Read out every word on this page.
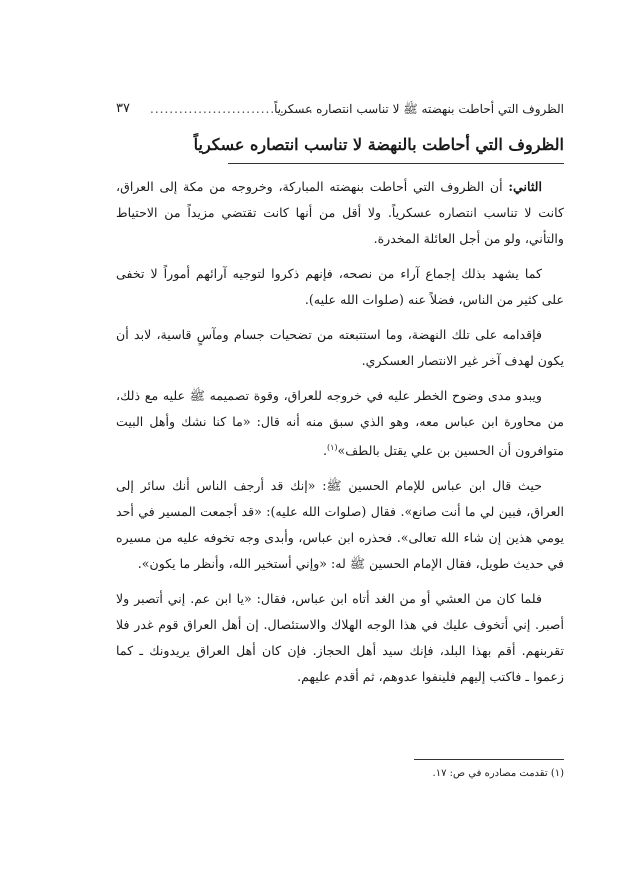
الظروف التي أحاطت بنهضته ﷺ لا تناسب انتصاره عسكرياً
..................................
٣٧
الظروف التي أحاطت بالنهضة لا تناسب انتصاره عسكرياً

الثاني: أن الظروف التي أحاطت بنهضته المباركة، وخروجه من مكة إلى العراق، كانت لا تناسب انتصاره عسكرياً. ولا أقل من أنها كانت تقتضي مزيداً من الاحتياط والتأني، ولو من أجل العائلة المخدرة.

كما يشهد بذلك إجماع آراء من نصحه، فإنهم ذكروا لتوجيه آرائهم أموراً لا تخفى على كثير من الناس، فضلاً عنه (صلوات الله عليه).

فإقدامه على تلك النهضة، وما استتبعته من تضحيات جسام ومآسٍ قاسية، لابد أن يكون لهدف آخر غير الانتصار العسكري.

ويبدو مدى وضوح الخطر عليه في خروجه للعراق، وقوة تصميمه ﷺ عليه مع ذلك، من محاورة ابن عباس معه، وهو الذي سبق منه أنه قال: «ما كنا نشك وأهل البيت متوافرون أن الحسين بن علي يقتل بالطف»$^{(١)}$.

حيث قال ابن عباس للإمام الحسين ﷺ: «إنك قد أرجف الناس أنك سائر إلى العراق، فبين لي ما أنت صانع». فقال (صلوات الله عليه): «قد أجمعت المسير في أحد يومي هذين إن شاء الله تعالى». فحذره ابن عباس، وأبدى وجه تخوفه عليه من مسيره في حديث طويل، فقال الإمام الحسين ﷺ له: «وإني أستخير الله، وأنظر ما يكون».

فلما كان من العشي أو من الغد أتاه ابن عباس، فقال: «يا ابن عم. إني أتصبر ولا أصبر. إني أتخوف عليك في هذا الوجه الهلاك والاستئصال. إن أهل العراق قوم غدر فلا تقربنهم. أقم بهذا البلد، فإنك سيد أهل الحجاز. فإن كان أهل العراق يريدونك ـ كما زعموا ـ فاكتب إليهم فلينفوا عدوهم، ثم أقدم عليهم.

(١) تقدمت مصادره في ص: ١٧.
